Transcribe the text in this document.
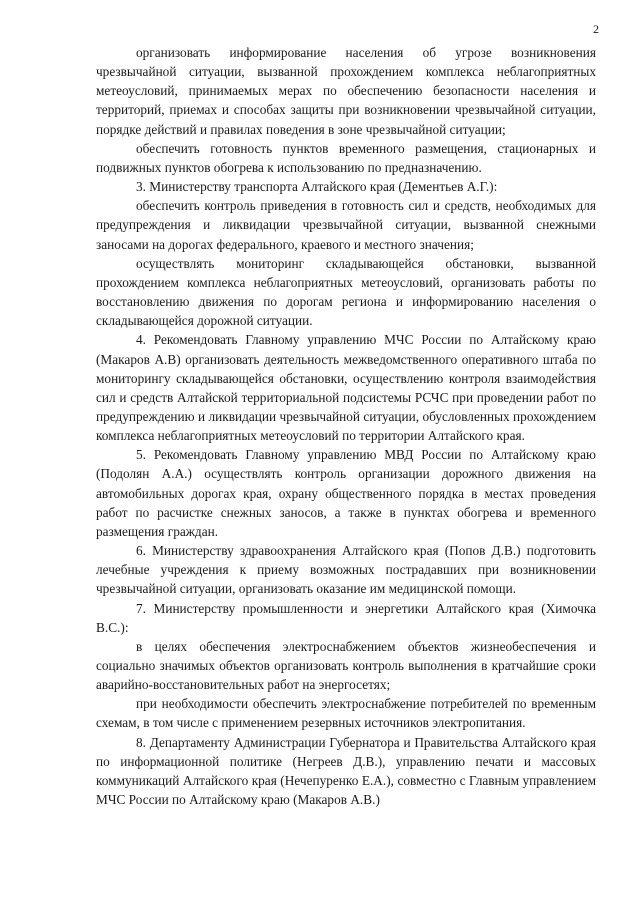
2

организовать информирование населения об угрозе возникновения чрезвычайной ситуации, вызванной прохождением комплекса неблагоприятных метеоусловий, принимаемых мерах по обеспечению безопасности населения и территорий, приемах и способах защиты при возникновении чрезвычайной ситуации, порядке действий и правилах поведения в зоне чрезвычайной ситуации;

обеспечить готовность пунктов временного размещения, стационарных и подвижных пунктов обогрева к использованию по предназначению.

3. Министерству транспорта Алтайского края (Дементьев А.Г.):

обеспечить контроль приведения в готовность сил и средств, необходимых для предупреждения и ликвидации чрезвычайной ситуации, вызванной снежными заносами на дорогах федерального, краевого и местного значения;

осуществлять мониторинг складывающейся обстановки, вызванной прохождением комплекса неблагоприятных метеоусловий, организовать работы по восстановлению движения по дорогам региона и информированию населения о складывающейся дорожной ситуации.

4. Рекомендовать Главному управлению МЧС России по Алтайскому краю (Макаров А.В) организовать деятельность межведомственного оперативного штаба по мониторингу складывающейся обстановки, осуществлению контроля взаимодействия сил и средств Алтайской территориальной подсистемы РСЧС при проведении работ по предупреждению и ликвидации чрезвычайной ситуации, обусловленных прохождением комплекса неблагоприятных метеоусловий по территории Алтайского края.

5. Рекомендовать Главному управлению МВД России по Алтайскому краю (Подолян А.А.) осуществлять контроль организации дорожного движения на автомобильных дорогах края, охрану общественного порядка в местах проведения работ по расчистке снежных заносов, а также в пунктах обогрева и временного размещения граждан.

6. Министерству здравоохранения Алтайского края (Попов Д.В.) подготовить лечебные учреждения к приему возможных пострадавших при возникновении чрезвычайной ситуации, организовать оказание им медицинской помощи.

7. Министерству промышленности и энергетики Алтайского края (Химочка В.С.):

в целях обеспечения электроснабжением объектов жизнеобеспечения и социально значимых объектов организовать контроль выполнения в кратчайшие сроки аварийно-восстановительных работ на энергосетях;

при необходимости обеспечить электроснабжение потребителей по временным схемам, в том числе с применением резервных источников электропитания.

8. Департаменту Администрации Губернатора и Правительства Алтайского края по информационной политике (Негреев Д.В.), управлению печати и массовых коммуникаций Алтайского края (Нечепуренко Е.А.), совместно с Главным управлением МЧС России по Алтайскому краю (Макаров А.В.)
